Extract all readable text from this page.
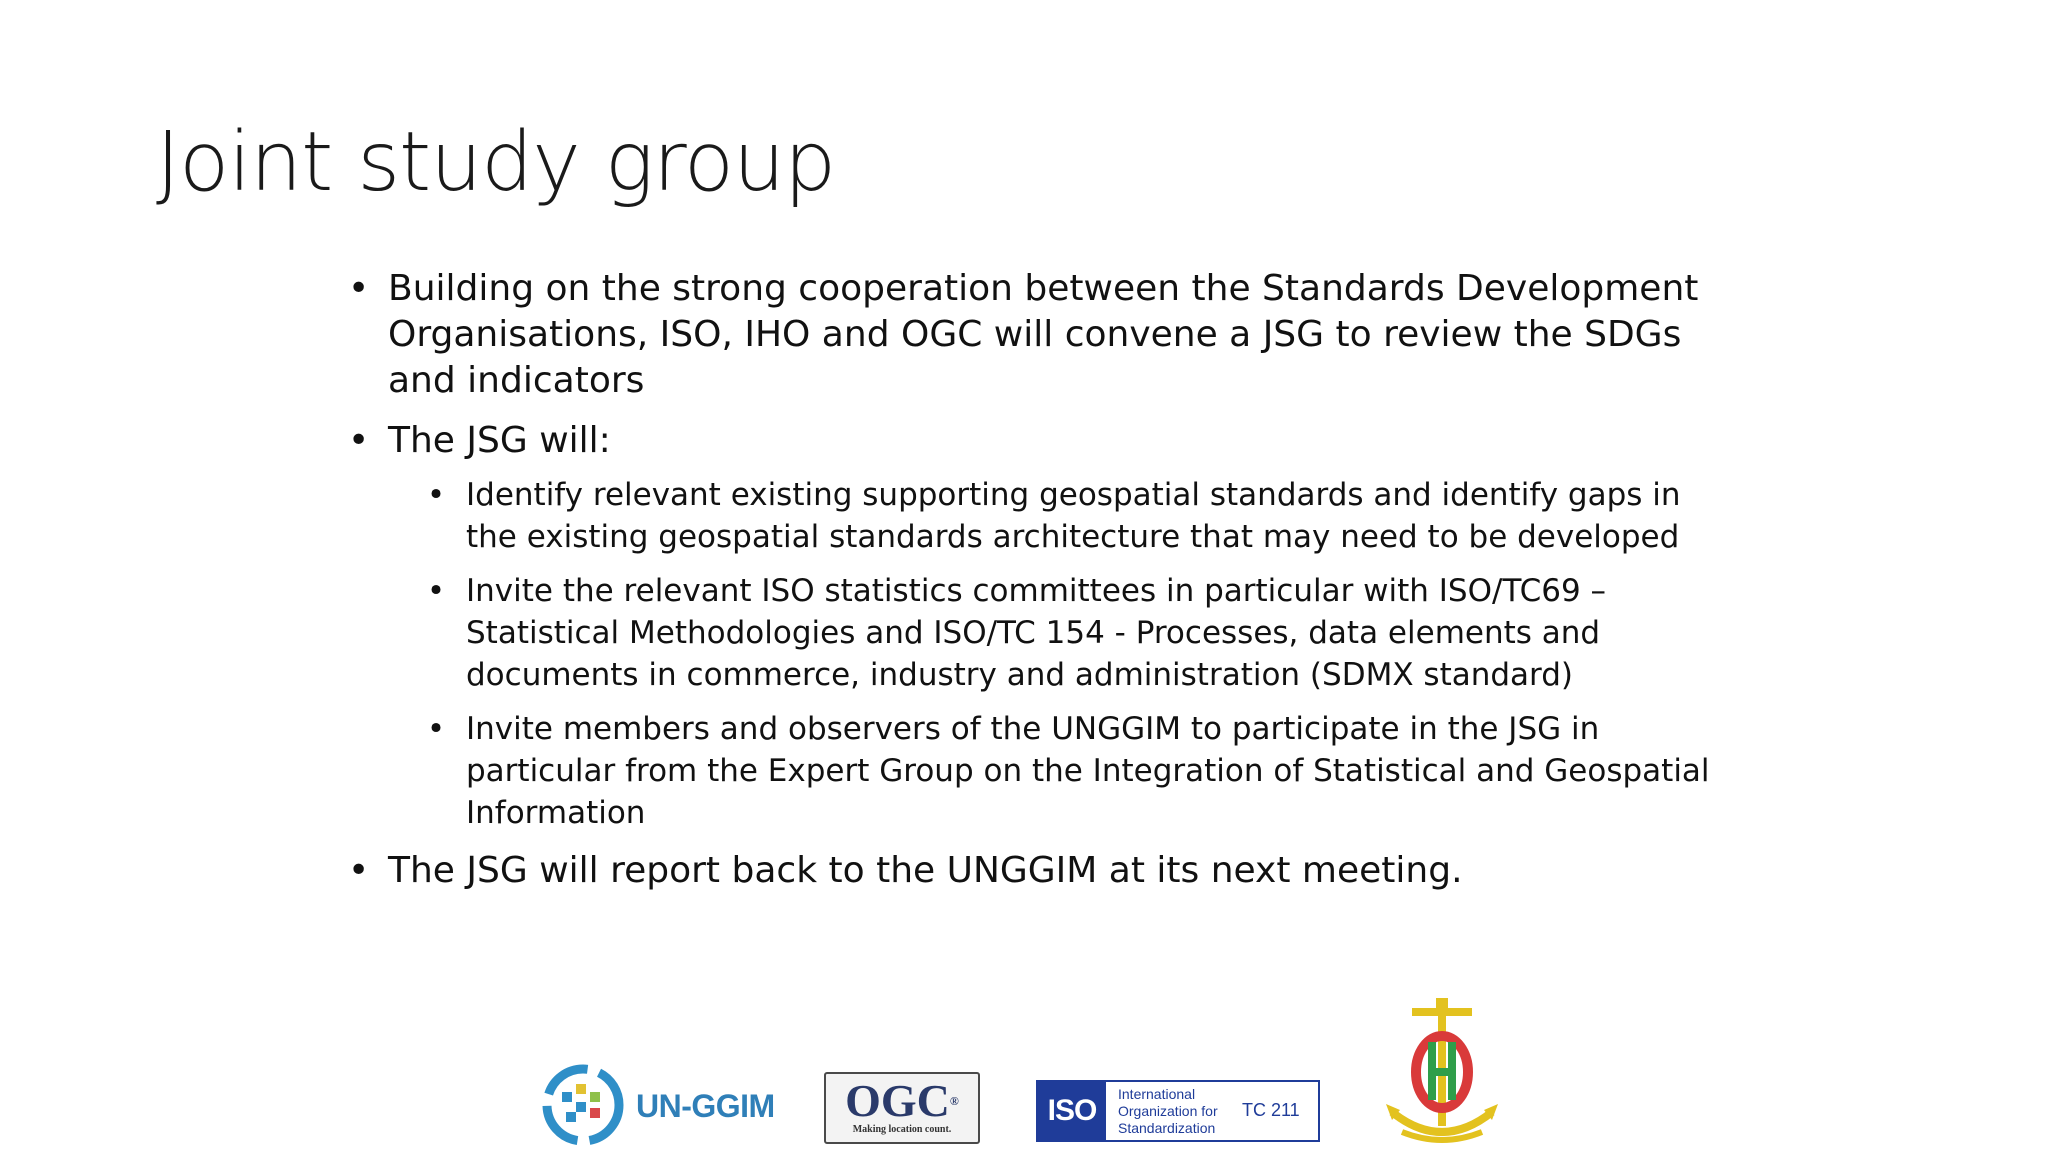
Joint study group
• Building on the strong cooperation between the Standards Development Organisations, ISO, IHO and OGC will convene a JSG to review the SDGs and indicators
• The JSG will:
• Identify relevant existing supporting geospatial standards and identify gaps in the existing geospatial standards architecture that may need to be developed
• Invite the relevant ISO statistics committees in particular with ISO/TC69 – Statistical Methodologies and ISO/TC 154 - Processes, data elements and documents in commerce, industry and administration (SDMX standard)
• Invite members and observers of the UNGGIM to participate in the JSG in particular from the Expert Group on the Integration of Statistical and Geospatial Information
• The JSG will report back to the UNGGIM at its next meeting.
UN-GGIM	OGC®
Making location count.
ISO	International
Organization for
Standardization
TC 211
